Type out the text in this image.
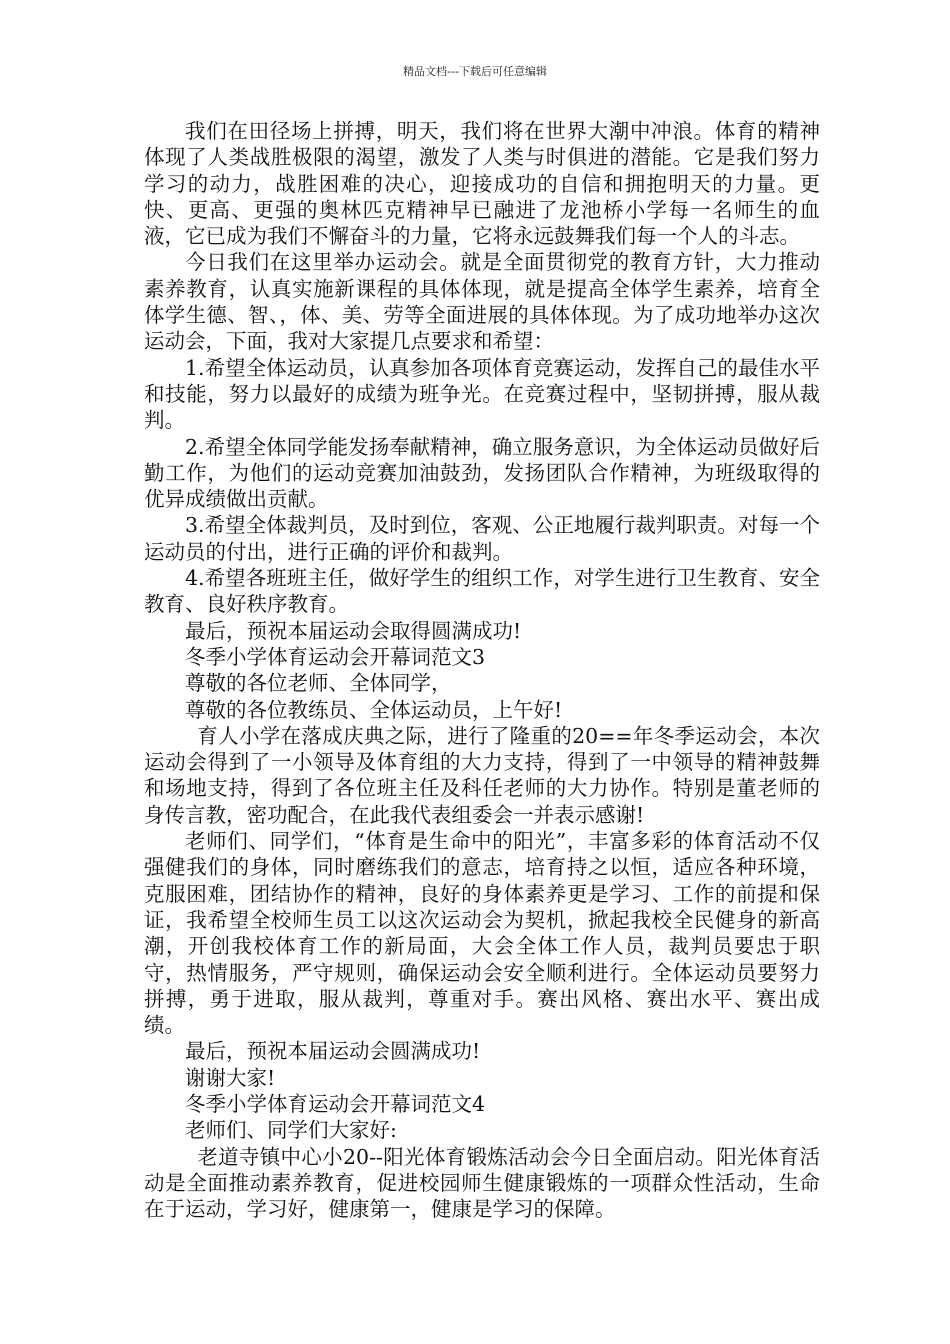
精品文档---下载后可任意编辑

我们在田径场上拼搏，明天，我们将在世界大潮中冲浪。体育的精神体现了人类战胜极限的渴望，激发了人类与时俱进的潜能。它是我们努力学习的动力，战胜困难的决心，迎接成功的自信和拥抱明天的力量。更快、更高、更强的奥林匹克精神早已融进了龙池桥小学每一名师生的血液，它已成为我们不懈奋斗的力量，它将永远鼓舞我们每一个人的斗志。

今日我们在这里举办运动会。就是全面贯彻党的教育方针，大力推动素养教育，认真实施新课程的具体体现，就是提高全体学生素养，培育全体学生德、智、，体、美、劳等全面进展的具体体现。为了成功地举办这次运动会，下面，我对大家提几点要求和希望：

1.希望全体运动员，认真参加各项体育竞赛运动，发挥自己的最佳水平和技能，努力以最好的成绩为班争光。在竞赛过程中，坚韧拼搏，服从裁判。

2.希望全体同学能发扬奉献精神，确立服务意识，为全体运动员做好后勤工作，为他们的运动竞赛加油鼓劲，发扬团队合作精神，为班级取得的优异成绩做出贡献。

3.希望全体裁判员，及时到位，客观、公正地履行裁判职责。对每一个运动员的付出，进行正确的评价和裁判。

4.希望各班班主任，做好学生的组织工作，对学生进行卫生教育、安全教育、良好秩序教育。

最后，预祝本届运动会取得圆满成功!

冬季小学体育运动会开幕词范文3

尊敬的各位老师、全体同学，

尊敬的各位教练员、全体运动员，上午好!

育人小学在落成庆典之际，进行了隆重的20==年冬季运动会，本次运动会得到了一小领导及体育组的大力支持，得到了一中领导的精神鼓舞和场地支持，得到了各位班主任及科任老师的大力协作。特别是董老师的身传言教，密功配合，在此我代表组委会一并表示感谢!

老师们、同学们，“体育是生命中的阳光”，丰富多彩的体育活动不仅强健我们的身体，同时磨练我们的意志，培育持之以恒，适应各种环境，克服困难，团结协作的精神，良好的身体素养更是学习、工作的前提和保证，我希望全校师生员工以这次运动会为契机，掀起我校全民健身的新高潮，开创我校体育工作的新局面，大会全体工作人员，裁判员要忠于职守，热情服务，严守规则，确保运动会安全顺利进行。全体运动员要努力拼搏，勇于进取，服从裁判，尊重对手。赛出风格、赛出水平、赛出成绩。

最后，预祝本届运动会圆满成功!

谢谢大家!

冬季小学体育运动会开幕词范文4

老师们、同学们大家好:

老道寺镇中心小20--阳光体育锻炼活动会今日全面启动。阳光体育活动是全面推动素养教育，促进校园师生健康锻炼的一项群众性活动，生命在于运动，学习好，健康第一，健康是学习的保障。
